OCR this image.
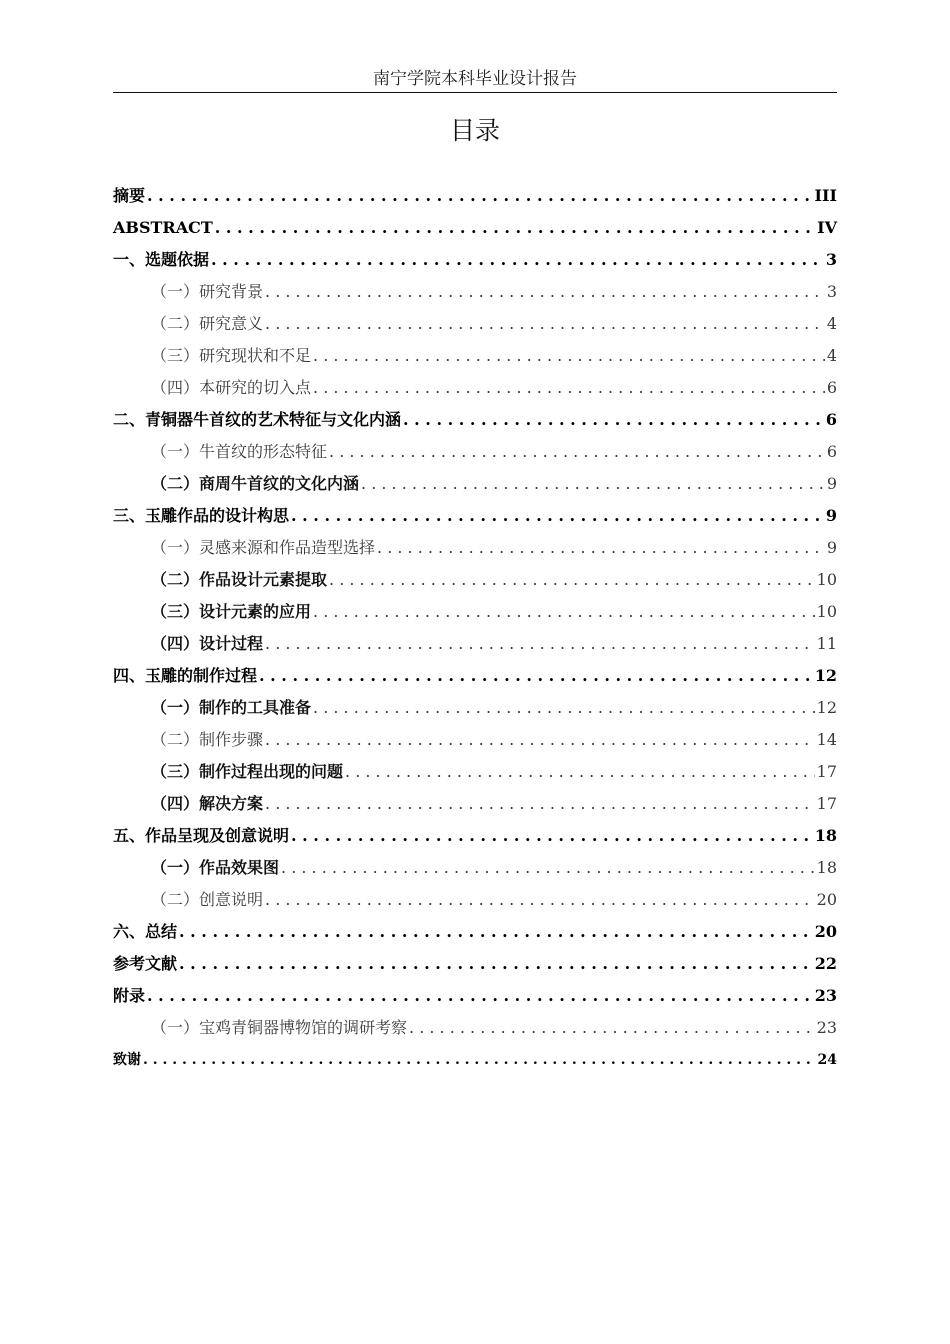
南宁学院本科毕业设计报告
目录
摘要 . . .	III
ABSTRACT . . .	IV
一、选题依据 . . .	3
（一）研究背景 . . .	3
（二）研究意义 . . .	4
（三）研究现状和不足 . . .	4
（四）本研究的切入点 . . .	6
二、青铜器牛首纹的艺术特征与文化内涵 . . .	6
（一）牛首纹的形态特征 . . .	6
（二）商周牛首纹的文化内涵 . . .	9
三、玉雕作品的设计构思 . . .	9
（一）灵感来源和作品造型选择 . . .	9
（二）作品设计元素提取 . . .	10
（三）设计元素的应用 . . .	10
（四）设计过程 . . .	11
四、玉雕的制作过程 . . .	12
（一）制作的工具准备 . . .	12
（二）制作步骤 . . .	14
（三）制作过程出现的问题 . . .	17
（四）解决方案 . . .	17
五、作品呈现及创意说明 . . .	18
（一）作品效果图 . . .	18
（二）创意说明 . . .	20
六、总结 . . .	20
参考文献 . . .	22
附录 . . .	23
（一）宝鸡青铜器博物馆的调研考察 . . .	23
致谢 . . .	24
